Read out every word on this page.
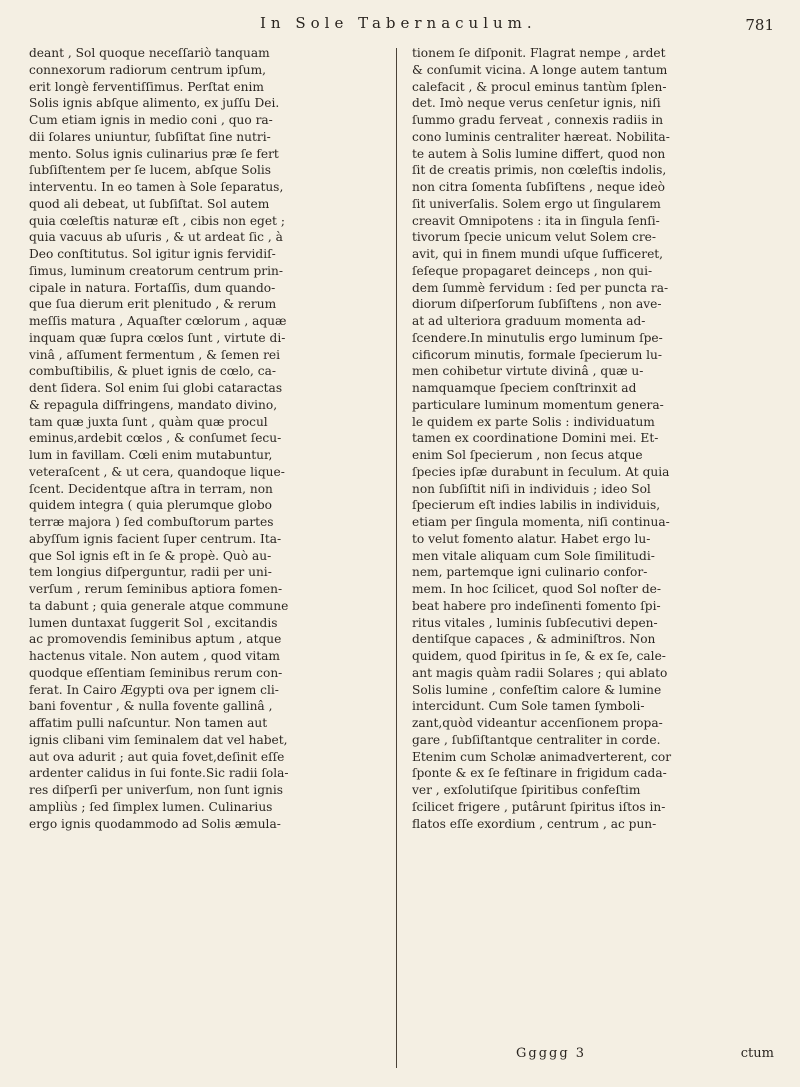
In Sole Tabernaculum.	781
deant , Sol quoque neceſſariò tanquam
connexorum radiorum centrum ipſum,
erit longè ferventiſſimus. Perſtat enim
Solis ignis abſque alimento, ex juſſu Dei.
Cum etiam ignis in medio coni , quo ra-
dii ſolares uniuntur, ſubſiſtat ſine nutri-
mento. Solus ignis culinarius præ ſe fert
ſubſiſtentem per ſe lucem, abſque Solis
interventu. In eo tamen à Sole ſeparatus,
quod ali debeat, ut ſubſiſtat. Sol autem
quia cœleſtis naturæ eſt , cibis non eget ;
quia vacuus ab uſuris , & ut ardeat ſic , à
Deo conſtitutus. Sol igitur ignis fervidiſ-
ſimus, luminum creatorum centrum prin-
cipale in natura. Fortaſſis, dum quando-
que ſua dierum erit plenitudo , & rerum
meſſis matura , Aquaſter cœlorum , aquæ
inquam quæ ſupra cœlos ſunt , virtute di-
vinâ , aſſument fermentum , & ſemen rei
combuſtibilis, & pluet ignis de cœlo, ca-
dent ſidera. Sol enim ſui globi cataractas
& repagula diſfringens, mandato divino,
tam quæ juxta ſunt , quàm quæ procul
eminus,ardebit cœlos , & conſumet ſecu-
lum in favillam. Cœli enim mutabuntur,
veteraſcent , & ut cera, quandoque lique-
ſcent. Decidentque aſtra in terram, non
quidem integra ( quia plerumque globo
terræ majora ) ſed combuſtorum partes
abyſſum ignis facient ſuper centrum. Ita-
que Sol ignis eſt in ſe & propè. Quò au-
tem longius diſperguntur, radii per uni-
verſum , rerum ſeminibus aptiora fomen-
ta dabunt ; quia generale atque commune
lumen duntaxat ſuggerit Sol , excitandis
ac promovendis ſeminibus aptum , atque
hactenus vitale. Non autem , quod vitam
quodque eſſentiam ſeminibus rerum con-
ferat. In Cairo Ægypti ova per ignem cli-
bani foventur , & nulla fovente gallinâ ,
affatim pulli naſcuntur. Non tamen aut
ignis clibani vim ſeminalem dat vel habet,
aut ova adurit ; aut quia fovet,deſinit eſſe
ardenter calidus in ſui fonte.Sic radii ſola-
res diſperſi per univerſum, non ſunt ignis
ampliùs ; ſed ſimplex lumen. Culinarius
ergo ignis quodammodo ad Solis æmula-
tionem ſe diſponit. Flagrat nempe , ardet
& conſumit vicina. A longe autem tantum
calefacit , & procul eminus tantùm ſplen-
det. Imò neque verus cenſetur ignis, niſi
ſummo gradu ferveat , connexis radiis in
cono luminis centraliter hæreat. Nobilita-
te autem à Solis lumine differt, quod non
ſit de creatis primis, non cœleſtis indolis,
non citra ſomenta ſubſiſtens , neque ideò
ſit univerſalis. Solem ergo ut ſingularem
creavit Omnipotens : ita in ſingula ſenſi-
tivorum ſpecie unicum velut Solem cre-
avit, qui in finem mundi uſque ſufficeret,
ſeſeque propagaret deinceps , non qui-
dem ſummè fervidum : ſed per puncta ra-
diorum diſperſorum ſubſiſtens , non ave-
at ad ulteriora graduum momenta ad-
ſcendere.In minutulis ergo luminum ſpe-
cificorum minutis, formale ſpecierum lu-
men cohibetur virtute divinâ , quæ u-
namquamque ſpeciem conſtrinxit ad
particulare luminum momentum genera-
le quidem ex parte Solis : individuatum
tamen ex coordinatione Domini mei. Et-
enim Sol ſpecierum , non ſecus atque
ſpecies ipſæ durabunt in ſeculum. At quia
non ſubſiſtit niſi in individuis ; ideo Sol
ſpecierum eſt indies labilis in individuis,
etiam per ſingula momenta, niſi continua-
to velut fomento alatur. Habet ergo lu-
men vitale aliquam cum Sole ſimilitudi-
nem, partemque igni culinario confor-
mem. In hoc ſcilicet, quod Sol noſter de-
beat habere pro indeſinenti fomento ſpi-
ritus vitales , luminis ſubſecutivi depen-
dentiſque capaces , & adminiſtros. Non
quidem, quod ſpiritus in ſe, & ex ſe, cale-
ant magis quàm radii Solares ; qui ablato
Solis lumine , confeſtim calore & lumine
intercidunt. Cum Sole tamen ſymboli-
zant,quòd videantur accenſionem propa-
gare , ſubſiſtantque centraliter in corde.
Etenim cum Scholæ animadverterent, cor
ſponte & ex ſe feſtinare in frigidum cada-
ver , exſolutiſque ſpiritibus confeſtim
ſcilicet frigere , putârunt ſpiritus iſtos in-
flatos eſſe exordium , centrum , ac pun-
Ggggg 3	ctum
